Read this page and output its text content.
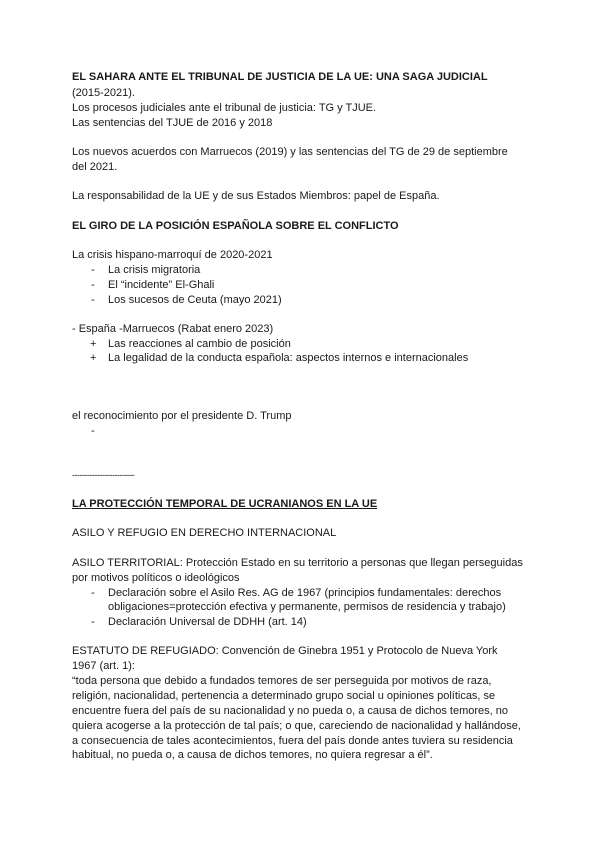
EL SAHARA ANTE EL TRIBUNAL DE JUSTICIA DE LA UE: UNA SAGA JUDICIAL
(2015-2021).
Los procesos judiciales ante el tribunal de justicia: TG y TJUE.
Las sentencias del TJUE de 2016 y 2018
Los nuevos acuerdos con Marruecos (2019) y las sentencias del TG de 29 de septiembre
del 2021.
La responsabilidad de la UE y de sus Estados Miembros: papel de España.
EL GIRO DE LA POSICIÓN ESPAÑOLA SOBRE EL CONFLICTO
La crisis hispano-marroquí de 2020-2021
- La crisis migratoria
- El “incidente” El-Ghali
- Los sucesos de Ceuta (mayo 2021)
- España -Marruecos (Rabat enero 2023)
+ Las reacciones al cambio de posición
+ La legalidad de la conducta española: aspectos internos e internacionales
el reconocimiento por el presidente D. Trump
-
-------------------------
LA PROTECCIÓN TEMPORAL DE UCRANIANOS EN LA UE
ASILO Y REFUGIO EN DERECHO INTERNACIONAL
ASILO TERRITORIAL: Protección Estado en su territorio a personas que llegan perseguidas
por motivos políticos o ideológicos
- Declaración sobre el Asilo Res. AG de 1967 (principios fundamentales: derechos
obligaciones=protección efectiva y permanente, permisos de residencia y trabajo)
- Declaración Universal de DDHH (art. 14)
ESTATUTO DE REFUGIADO: Convención de Ginebra 1951 y Protocolo de Nueva York
1967 (art. 1):
“toda persona que debido a fundados temores de ser perseguida por motivos de raza,
religión, nacionalidad, pertenencia a determinado grupo social u opiniones políticas, se
encuentre fuera del país de su nacionalidad y no pueda o, a causa de dichos temores, no
quiera acogerse a la protección de tal país; o que, careciendo de nacionalidad y hallándose,
a consecuencia de tales acontecimientos, fuera del país donde antes tuviera su residencia
habitual, no pueda o, a causa de dichos temores, no quiera regresar a él”.
